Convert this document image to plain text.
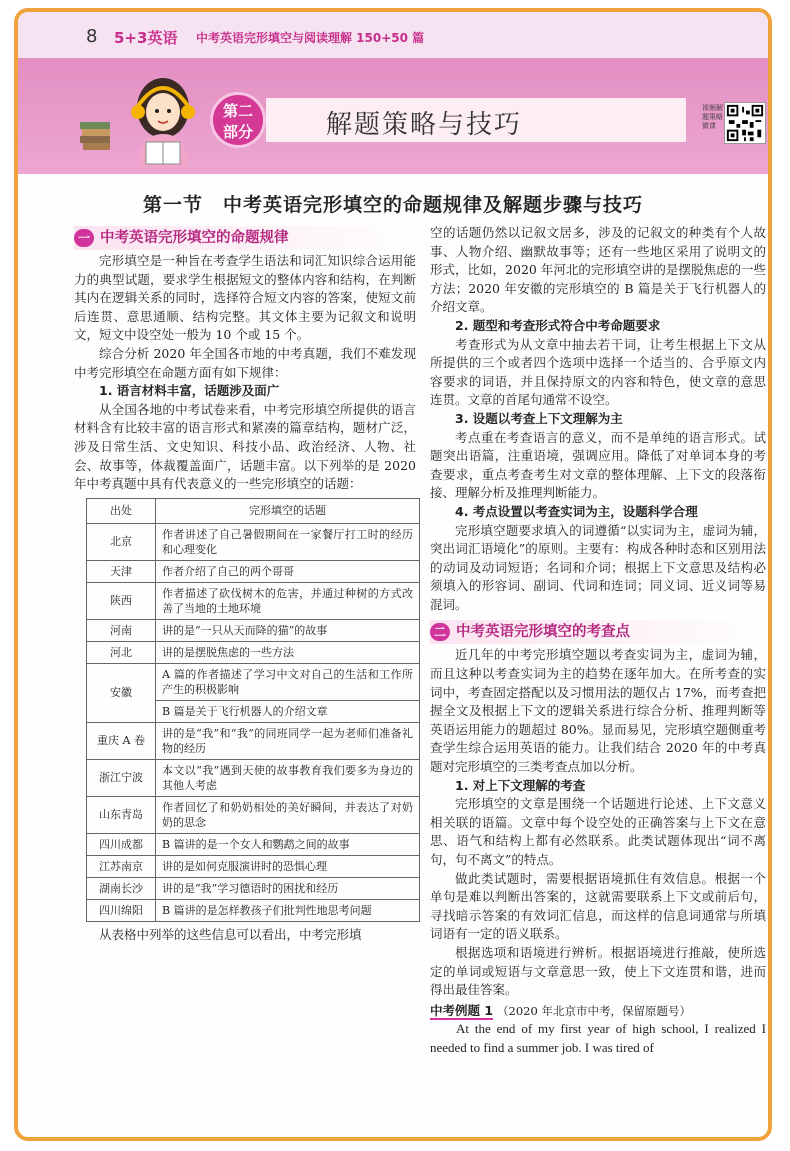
8 5+3英语 中考英语完形填空与阅读理解 150+50 篇
第二
部分	解题策略与技巧
视频解题策略微课
第一节　中考英语完形填空的命题规律及解题步骤与技巧
一 中考英语完形填空的命题规律

完形填空是一种旨在考查学生语法和词汇知识综合运用能力的典型试题，要求学生根据短文的整体内容和结构，在判断其内在逻辑关系的同时，选择符合短文内容的答案，使短文前后连贯、意思通顺、结构完整。其文体主要为记叙文和说明文，短文中设空处一般为 10 个或 15 个。

综合分析 2020 年全国各市地的中考真题，我们不难发现中考完形填空在命题方面有如下规律：

1. 语言材料丰富，话题涉及面广

从全国各地的中考试卷来看，中考完形填空所提供的语言材料含有比较丰富的语言形式和紧凑的篇章结构，题材广泛，涉及日常生活、文史知识、科技小品、政治经济、人物、社会、故事等，体裁覆盖面广，话题丰富。以下列举的是 2020 年中考真题中具有代表意义的一些完形填空的话题：

出处	完形填空的话题
北京	作者讲述了自己暑假期间在一家餐厅打工时的经历和心理变化
天津	作者介绍了自己的两个哥哥
陕西	作者描述了砍伐树木的危害，并通过种树的方式改善了当地的土地环境
河南	讲的是“一只从天而降的猫”的故事
河北	讲的是摆脱焦虑的一些方法
安徽	A 篇的作者描述了学习中文对自己的生活和工作所产生的积极影响
	B 篇是关于飞行机器人的介绍文章
重庆 A 卷	讲的是“我”和“我”的同班同学一起为老师们准备礼物的经历
浙江宁波	本文以“我”遇到天使的故事教育我们要多为身边的其他人考虑
山东青岛	作者回忆了和奶奶相处的美好瞬间，并表达了对奶奶的思念
四川成都	B 篇讲的是一个女人和鹦鹉之间的故事
江苏南京	讲的是如何克服演讲时的恐惧心理
湖南长沙	讲的是“我”学习德语时的困扰和经历
四川绵阳	B 篇讲的是怎样教孩子们批判性地思考问题

从表格中列举的这些信息可以看出，中考完形填

空的话题仍然以记叙文居多，涉及的记叙文的种类有个人故事、人物介绍、幽默故事等；还有一些地区采用了说明文的形式，比如，2020 年河北的完形填空讲的是摆脱焦虑的一些方法；2020 年安徽的完形填空的 B 篇是关于飞行机器人的介绍文章。

2. 题型和考查形式符合中考命题要求

考查形式为从文章中抽去若干词，让考生根据上下文从所提供的三个或者四个选项中选择一个适当的、合乎原文内容要求的词语，并且保持原文的内容和特色，使文章的意思连贯。文章的首尾句通常不设空。

3. 设题以考查上下文理解为主

考点重在考查语言的意义，而不是单纯的语言形式。试题突出语篇，注重语境，强调应用。降低了对单词本身的考查要求，重点考查考生对文章的整体理解、上下文的段落衔接、理解分析及推理判断能力。

4. 考点设置以考查实词为主，设题科学合理

完形填空题要求填入的词遵循“以实词为主，虚词为辅，突出词汇语境化”的原则。主要有：构成各种时态和区别用法的动词及动词短语；名词和介词；根据上下文意思及结构必须填入的形容词、副词、代词和连词；同义词、近义词等易混词。

二 中考英语完形填空的考查点

近几年的中考完形填空题以考查实词为主，虚词为辅，而且这种以考查实词为主的趋势在逐年加大。在所考查的实词中，考查固定搭配以及习惯用法的题仅占 17%，而考查把握全文及根据上下文的逻辑关系进行综合分析、推理判断等英语运用能力的题超过 80%。显而易见，完形填空题侧重考查学生综合运用英语的能力。让我们结合 2020 年的中考真题对完形填空的三类考查点加以分析。

1. 对上下文理解的考查

完形填空的文章是围绕一个话题进行论述、上下文意义相关联的语篇。文章中每个设空处的正确答案与上下文在意思、语气和结构上都有必然联系。此类试题体现出“词不离句，句不离文”的特点。

做此类试题时，需要根据语境抓住有效信息。根据一个单句是难以判断出答案的，这就需要联系上下文或前后句，寻找暗示答案的有效词汇信息，而这样的信息词通常与所填词语有一定的语义联系。

根据选项和语境进行辨析。根据语境进行推敲，使所选定的单词或短语与文章意思一致，使上下文连贯和谐，进而得出最佳答案。

中考例题 1 （2020 年北京市中考，保留原题号）

At the end of my first year of high school, I realized I needed to find a summer job. I was tired of
